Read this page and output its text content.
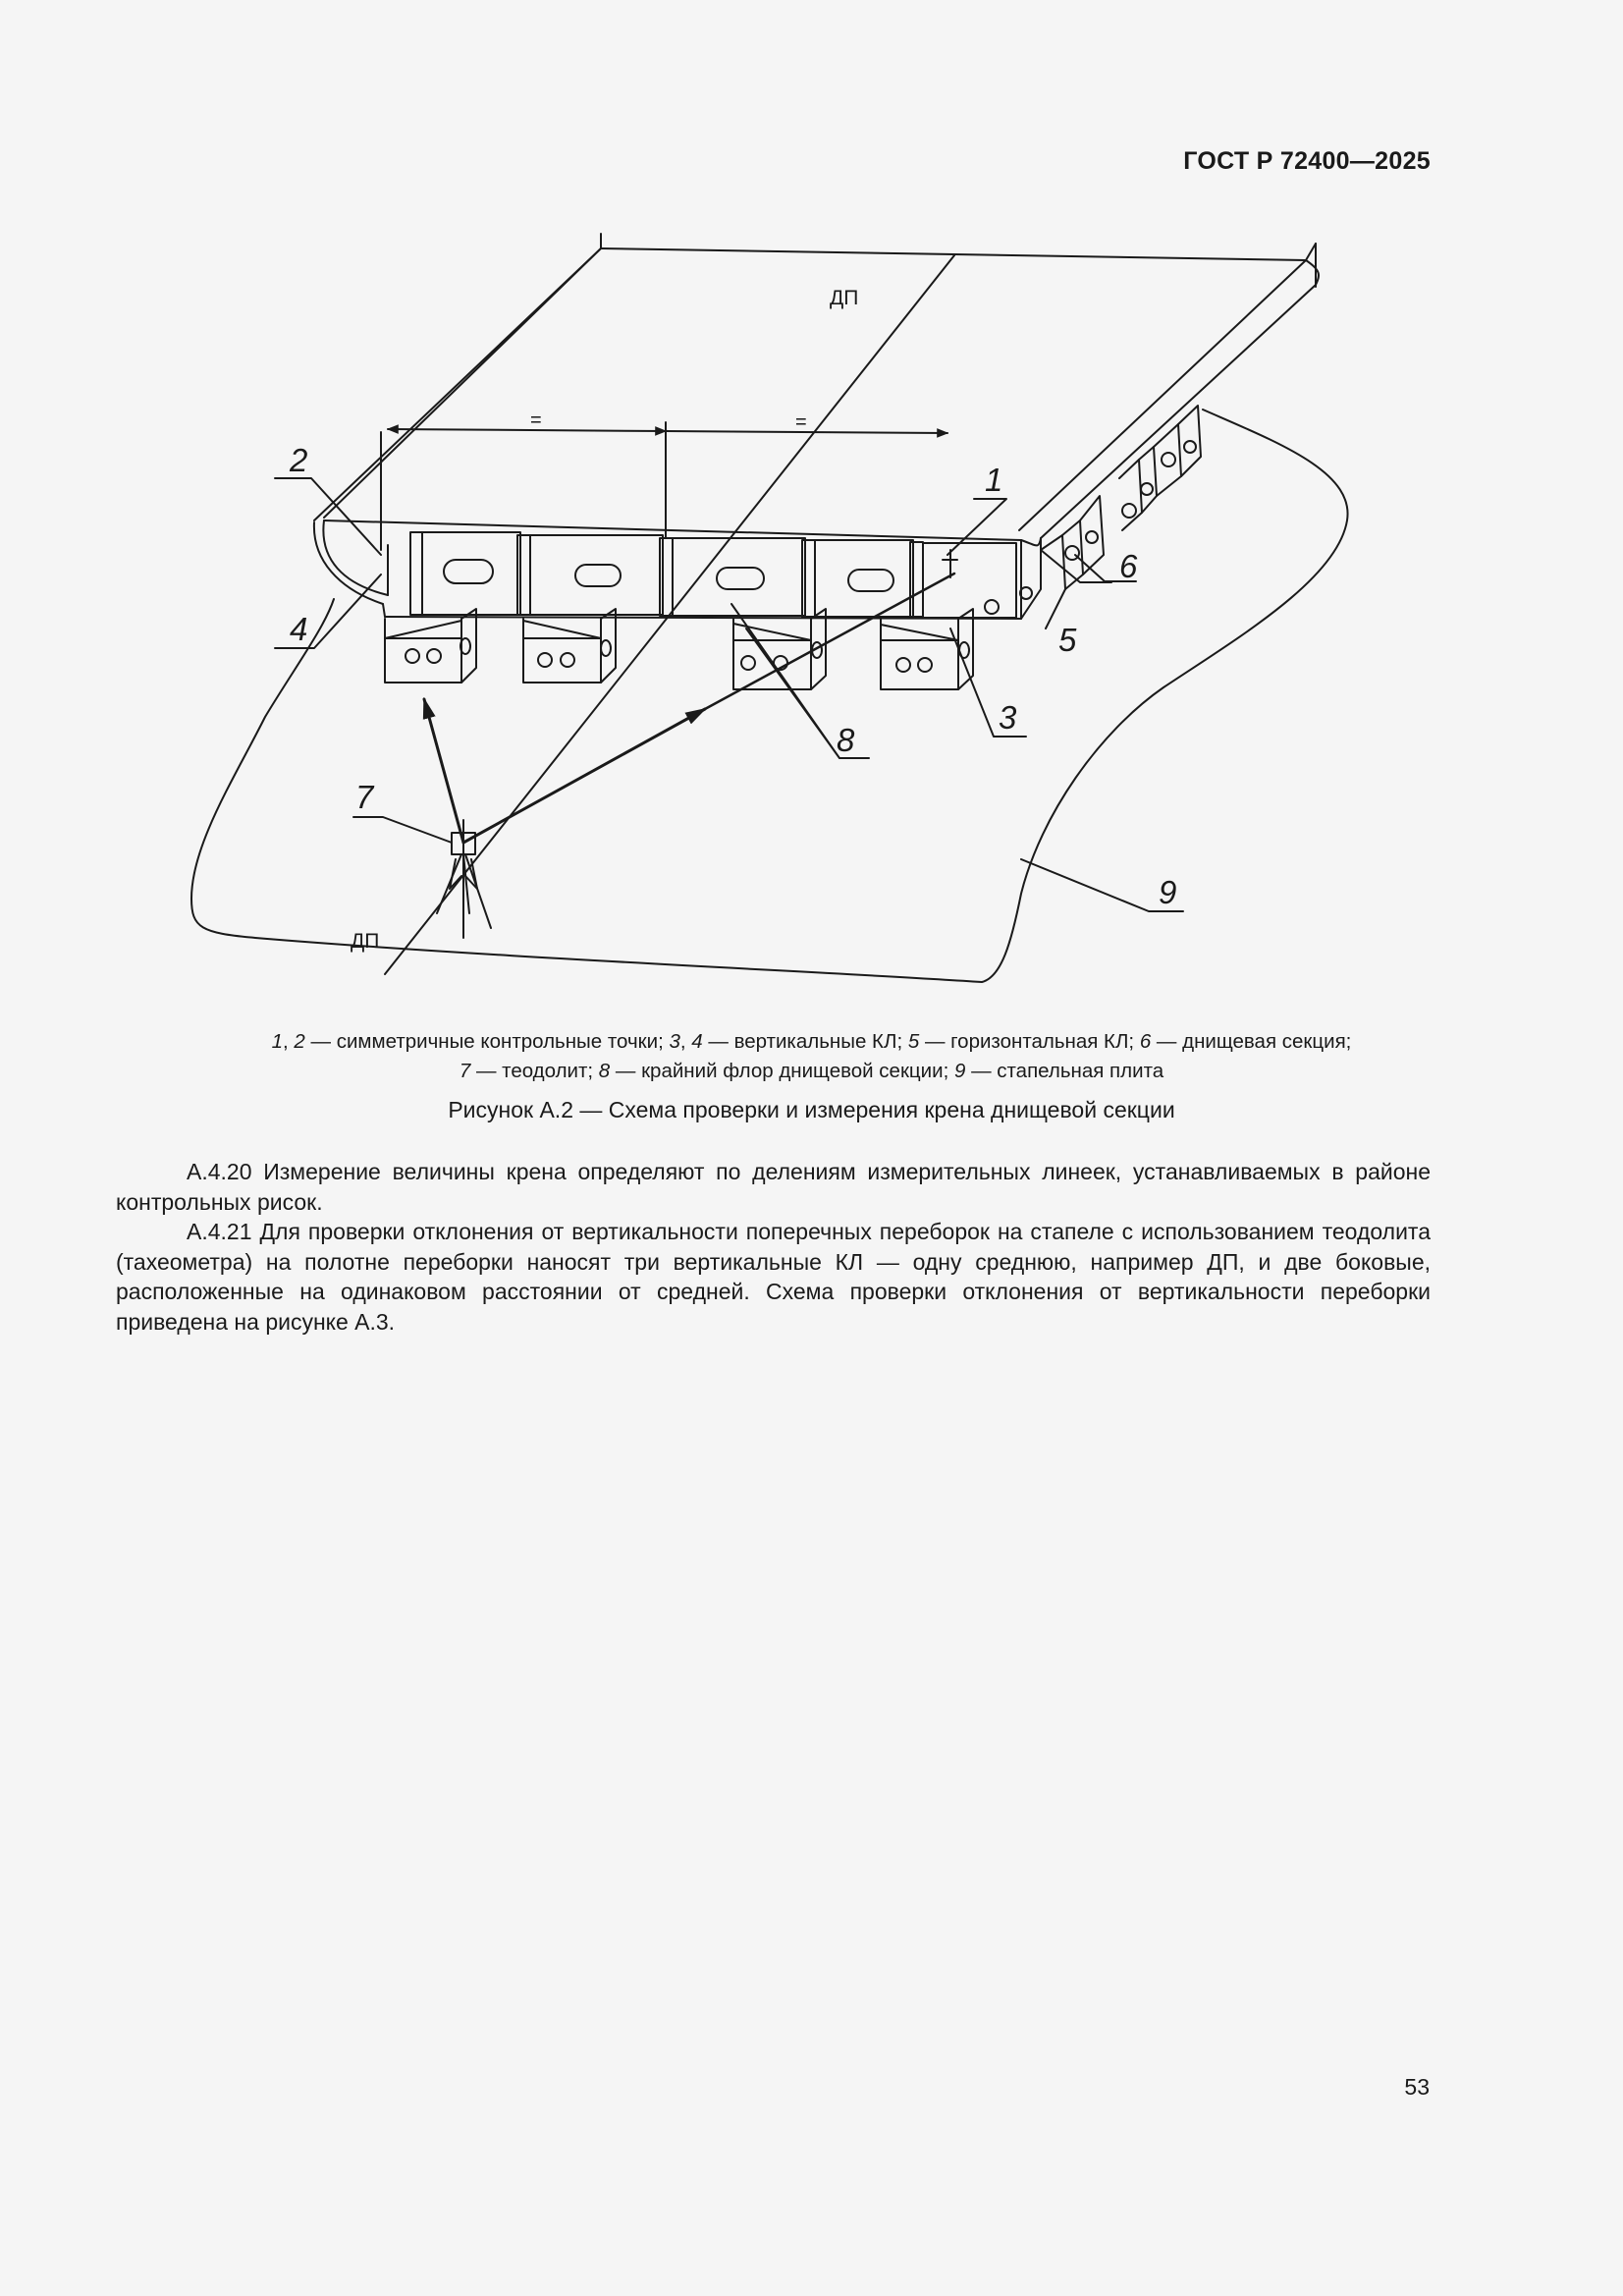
ГОСТ Р 72400—2025
=	=
ДП
ДП
1
2
3
4	5
6
7
8
9
1, 2 — симметричные контрольные точки; 3, 4 — вертикальные КЛ; 5 — горизонтальная КЛ; 6 — днищевая секция;
7 — теодолит; 8 — крайний флор днищевой секции; 9 — стапельная плита
Рисунок А.2 — Схема проверки и измерения крена днищевой секции

А.4.20 Измерение величины крена определяют по делениям измерительных линеек, устанавливаемых в районе контрольных рисок.

А.4.21 Для проверки отклонения от вертикальности поперечных переборок на стапеле с использованием теодолита (тахеометра) на полотне переборки наносят три вертикальные КЛ — одну среднюю, например ДП, и две боковые, расположенные на одинаковом расстоянии от средней. Схема проверки отклонения от вертикальности переборки приведена на рисунке А.3.

53
